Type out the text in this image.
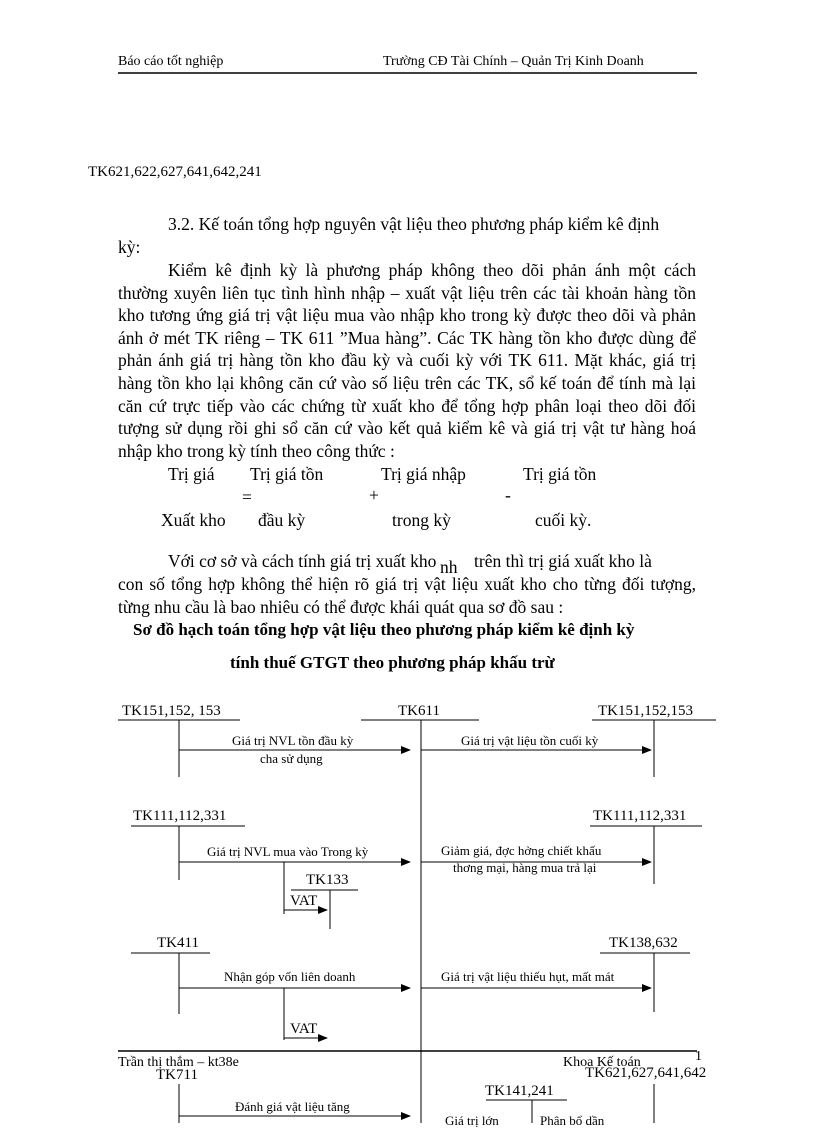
Báo cáo tốt nghiệp	Trường CĐ Tài Chính – Quản Trị Kinh Doanh
TK621,622,627,641,642,241
3.2. Kế toán tổng hợp nguyên vật liệu theo phương pháp kiểm kê định
kỳ:
Kiểm kê định kỳ là phương pháp không theo dõi phản ánh một cách thường xuyên liên tục tình hình nhập – xuất vật liệu trên các tài khoản hàng tồn kho tương ứng giá trị vật liệu mua vào nhập kho trong kỳ được theo dõi và phản ánh ở mét TK riêng – TK 611 ”Mua hàng”. Các TK hàng tồn kho được dùng để phản ánh giá trị hàng tồn kho đầu kỳ và cuối kỳ với TK 611. Mặt khác, giá trị hàng tồn kho lại không căn cứ vào số liệu trên các TK, sổ kế toán để tính mà lại căn cứ trực tiếp vào các chứng từ xuất kho để tổng hợp phân loại theo dõi đối tượng sử dụng rồi ghi sổ căn cứ vào kết quả kiểm kê và giá trị vật tư hàng hoá nhập kho trong kỳ tính theo công thức :
Trị giá Trị giá tồn	Trị giá nhập	Trị giá tồn
=	+	-
Xuất kho đầu kỳ	trong kỳ	cuối kỳ.
Với cơ sở và cách tính giá trị xuất kho nh trên thì trị giá xuất kho là
con số tổng hợp không thể hiện rõ giá trị vật liệu xuất kho cho từng đối tượng, từng nhu cầu là bao nhiêu có thể được khái quát qua sơ đồ sau :
Sơ đồ hạch toán tổng hợp vật liệu theo phương pháp kiểm kê định kỳ
tính thuế GTGT theo phương pháp khấu trừ
TK151,152, 153	TK611	TK151,152,153
Giá trị NVL tồn đầu kỳ
cha sử dụng
Giá trị vật liệu tồn cuối kỳ
TK111,112,331	TK111,112,331
Giá trị NVL mua vào Trong kỳ	Giảm giá, đợc hởng chiết khấu
thơng mại, hàng mua trả lại
TK133
VAT
TK411	TK138,632
Nhận góp vốn liên doanh	Giá trị vật liệu thiếu hụt, mất mát
VAT
Trần thị thắm – kt38e	Khoa Kế toán	1
TK711
TK141,241
TK621,627,641,642
Đánh giá vật liệu tăng
Giá trị lớn	Phân bổ dần
